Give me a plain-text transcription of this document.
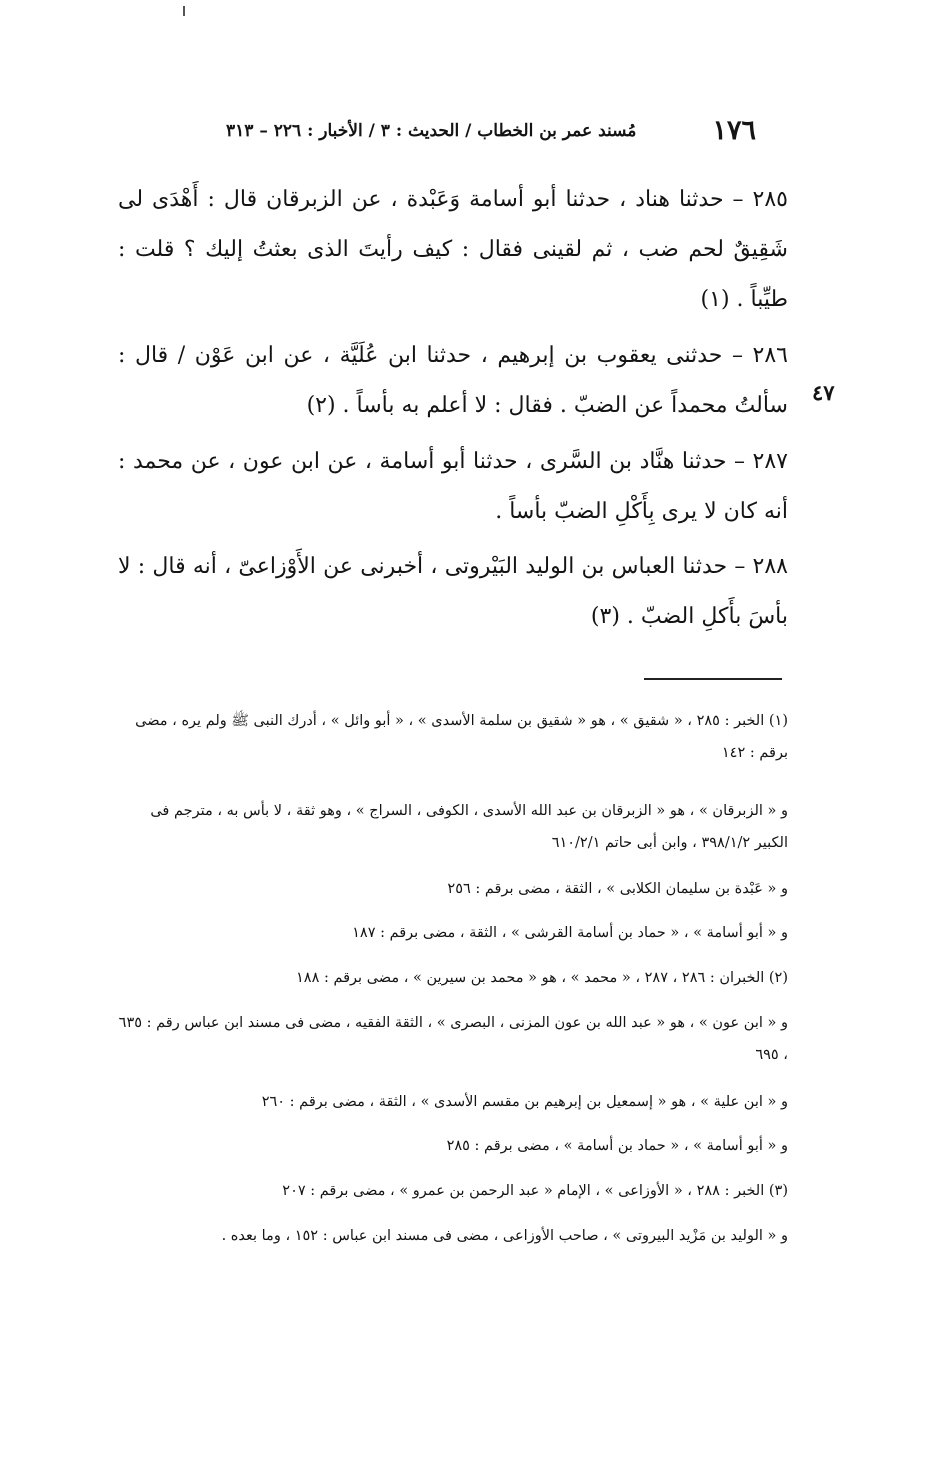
١٧٦
مُسند عمر بن الخطاب / الحديث : ٣ / الأخبار : ٢٢٦ – ٣١٣
٢٨٥ – حدثنا هناد ، حدثنا أبو أسامة وَعَبْدة ، عن الزبرقان قال : أَهْدَى لى شَقِيقٌ لحم ضب ، ثم لقينى فقال : كيف رأيتَ الذى بعثتُ إليك ؟ قلت : طيِّباً . (١)
٢٨٦ – حدثنى يعقوب بن إبرهيم ، حدثنا ابن عُلَيَّة ، عن ابن عَوْن / قال : سألتُ محمداً عن الضبّ . فقال : لا أعلم به بأساً . (٢)
٤٧
٢٨٧ – حدثنا هنَّاد بن السَّرى ، حدثنا أبو أسامة ، عن ابن عون ، عن محمد : أنه كان لا يرى بِأَكْلِ الضبّ بأساً .
٢٨٨ – حدثنا العباس بن الوليد البَيْروتى ، أخبرنى عن الأَوْزاعىّ ، أنه قال : لا بأسَ بأَكلِ الضبّ . (٣)
(١) الخبر : ٢٨٥ ، « شقيق » ، هو « شقيق بن سلمة الأسدى » ، « أبو وائل » ، أدرك النبى ﷺ ولم يره ، مضى برقم : ١٤٢
و « الزبرقان » ، هو « الزبرقان بن عبد الله الأسدى ، الكوفى ، السراج » ، وهو ثقة ، لا بأس به ، مترجم فى الكبير ٣٩٨/١/٢ ، وابن أبى حاتم ٦١٠/٢/١
و « عَبْدة بن سليمان الكلابى » ، الثقة ، مضى برقم : ٢٥٦
و « أبو أسامة » ، « حماد بن أسامة القرشى » ، الثقة ، مضى برقم : ١٨٧
(٢) الخبران : ٢٨٦ ، ٢٨٧ ، « محمد » ، هو « محمد بن سيرين » ، مضى برقم : ١٨٨
و « ابن عون » ، هو « عبد الله بن عون المزنى ، البصرى » ، الثقة الفقيه ، مضى فى مسند ابن عباس رقم : ٦٣٥ ، ٦٩٥
و « ابن علية » ، هو « إسمعيل بن إبرهيم بن مقسم الأسدى » ، الثقة ، مضى برقم : ٢٦٠
و « أبو أسامة » ، « حماد بن أسامة » ، مضى برقم : ٢٨٥
(٣) الخبر : ٢٨٨ ، « الأوزاعى » ، الإمام « عبد الرحمن بن عمرو » ، مضى برقم : ٢٠٧
و « الوليد بن مَزْيد البيروتى » ، صاحب الأوزاعى ، مضى فى مسند ابن عباس : ١٥٢ ، وما بعده .
